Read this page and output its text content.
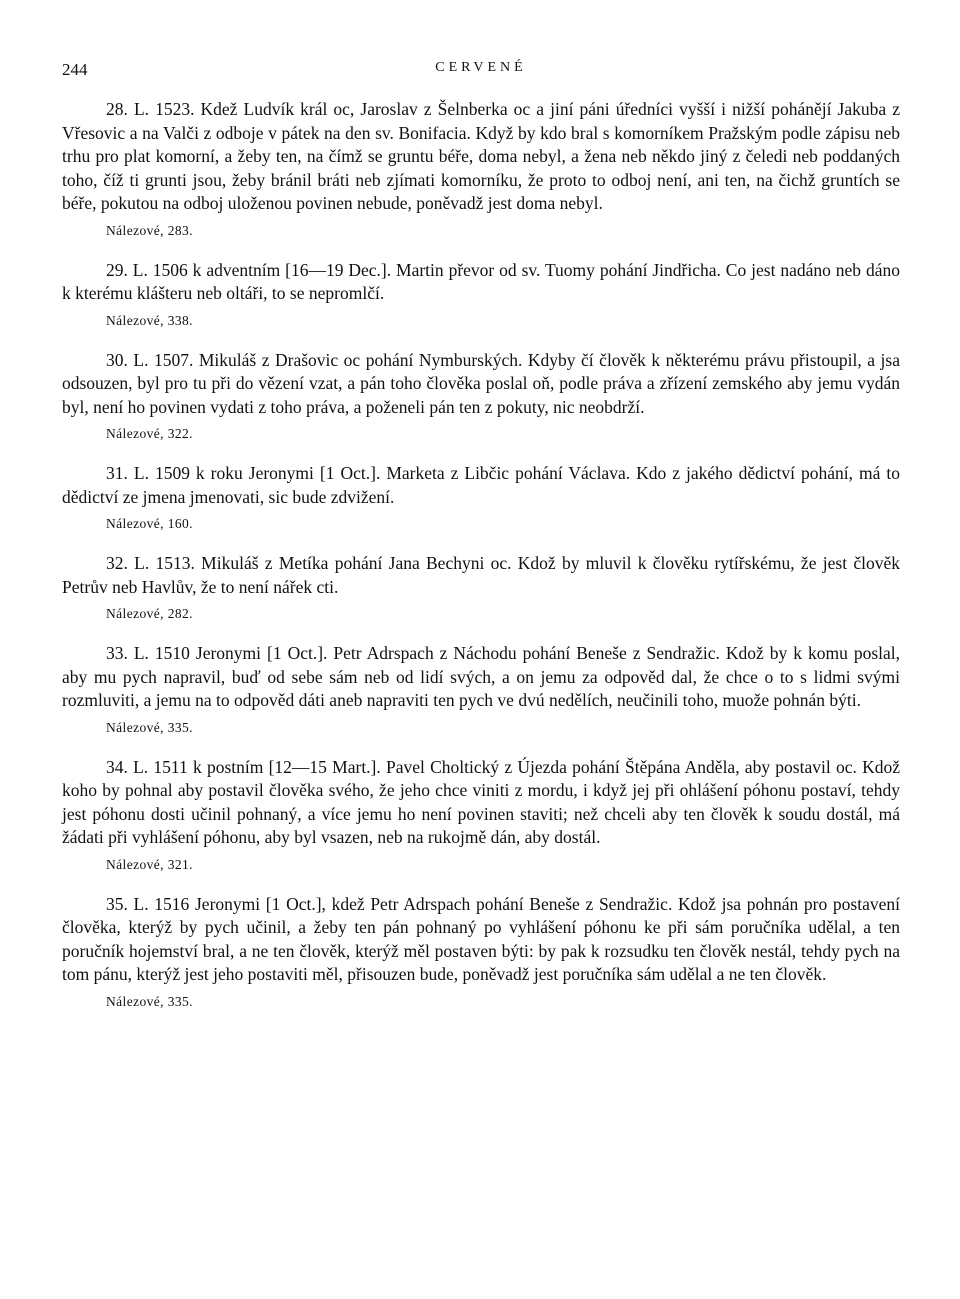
244	CERVENÉ

28. L. 1523. Kdež Ludvík král oc, Jaroslav z Šelnberka oc a jiní páni úředníci vyšší i nižší pohánějí Jakuba z Vřesovic a na Valči z odboje v pátek na den sv. Bonifacia. Když by kdo bral s komorníkem Pražským podle zápisu neb trhu pro plat komorní, a žeby ten, na čímž se gruntu béře, doma nebyl, a žena neb někdo jiný z čeledi neb poddaných toho, číž ti grunti jsou, žeby bránil bráti neb zjímati komorníku, že proto to odboj není, ani ten, na čichž gruntích se béře, pokutou na odboj uloženou povinen nebude, poněvadž jest doma nebyl.

Nálezové, 283.

29. L. 1506 k adventním [16—19 Dec.]. Martin převor od sv. Tuomy pohání Jindřicha. Co jest nadáno neb dáno k kterému klášteru neb oltáři, to se nepromlčí.

Nálezové, 338.

30. L. 1507. Mikuláš z Drašovic oc pohání Nymburských. Kdyby čí člověk k některému právu přistoupil, a jsa odsouzen, byl pro tu při do vězení vzat, a pán toho člověka poslal oň, podle práva a zřízení zemského aby jemu vydán byl, není ho povinen vydati z toho práva, a poženeli pán ten z pokuty, nic neobdrží.

Nálezové, 322.

31. L. 1509 k roku Jeronymi [1 Oct.]. Marketa z Libčic pohání Václava. Kdo z jakého dědictví pohání, má to dědictví ze jmena jmenovati, sic bude zdvižení.

Nálezové, 160.

32. L. 1513. Mikuláš z Metíka pohání Jana Bechyni oc. Kdož by mluvil k člověku rytířskému, že jest člověk Petrův neb Havlův, že to není nářek cti.

Nálezové, 282.

33. L. 1510 Jeronymi [1 Oct.]. Petr Adrspach z Náchodu pohání Beneše z Sendražic. Kdož by k komu poslal, aby mu pych napravil, buď od sebe sám neb od lidí svých, a on jemu za odpověd dal, že chce o to s lidmi svými rozmluviti, a jemu na to odpověd dáti aneb napraviti ten pych ve dvú nedělích, neučinili toho, muože pohnán býti.

Nálezové, 335.

34. L. 1511 k postním [12—15 Mart.]. Pavel Choltický z Újezda pohání Štěpána Anděla, aby postavil oc. Kdož koho by pohnal aby postavil člověka svého, že jeho chce viniti z mordu, i když jej při ohlášení póhonu postaví, tehdy jest póhonu dosti učinil pohnaný, a více jemu ho není povinen staviti; než chceli aby ten člověk k soudu dostál, má žádati při vyhlášení póhonu, aby byl vsazen, neb na rukojmě dán, aby dostál.

Nálezové, 321.

35. L. 1516 Jeronymi [1 Oct.], kdež Petr Adrspach pohání Beneše z Sendražic. Kdož jsa pohnán pro postavení člověka, kterýž by pych učinil, a žeby ten pán pohnaný po vyhlášení póhonu ke při sám poručníka udělal, a ten poručník hojemství bral, a ne ten člověk, kterýž měl postaven býti: by pak k rozsudku ten člověk nestál, tehdy pych na tom pánu, kterýž jest jeho postaviti měl, přisouzen bude, poněvadž jest poručníka sám udělal a ne ten člověk.

Nálezové, 335.
